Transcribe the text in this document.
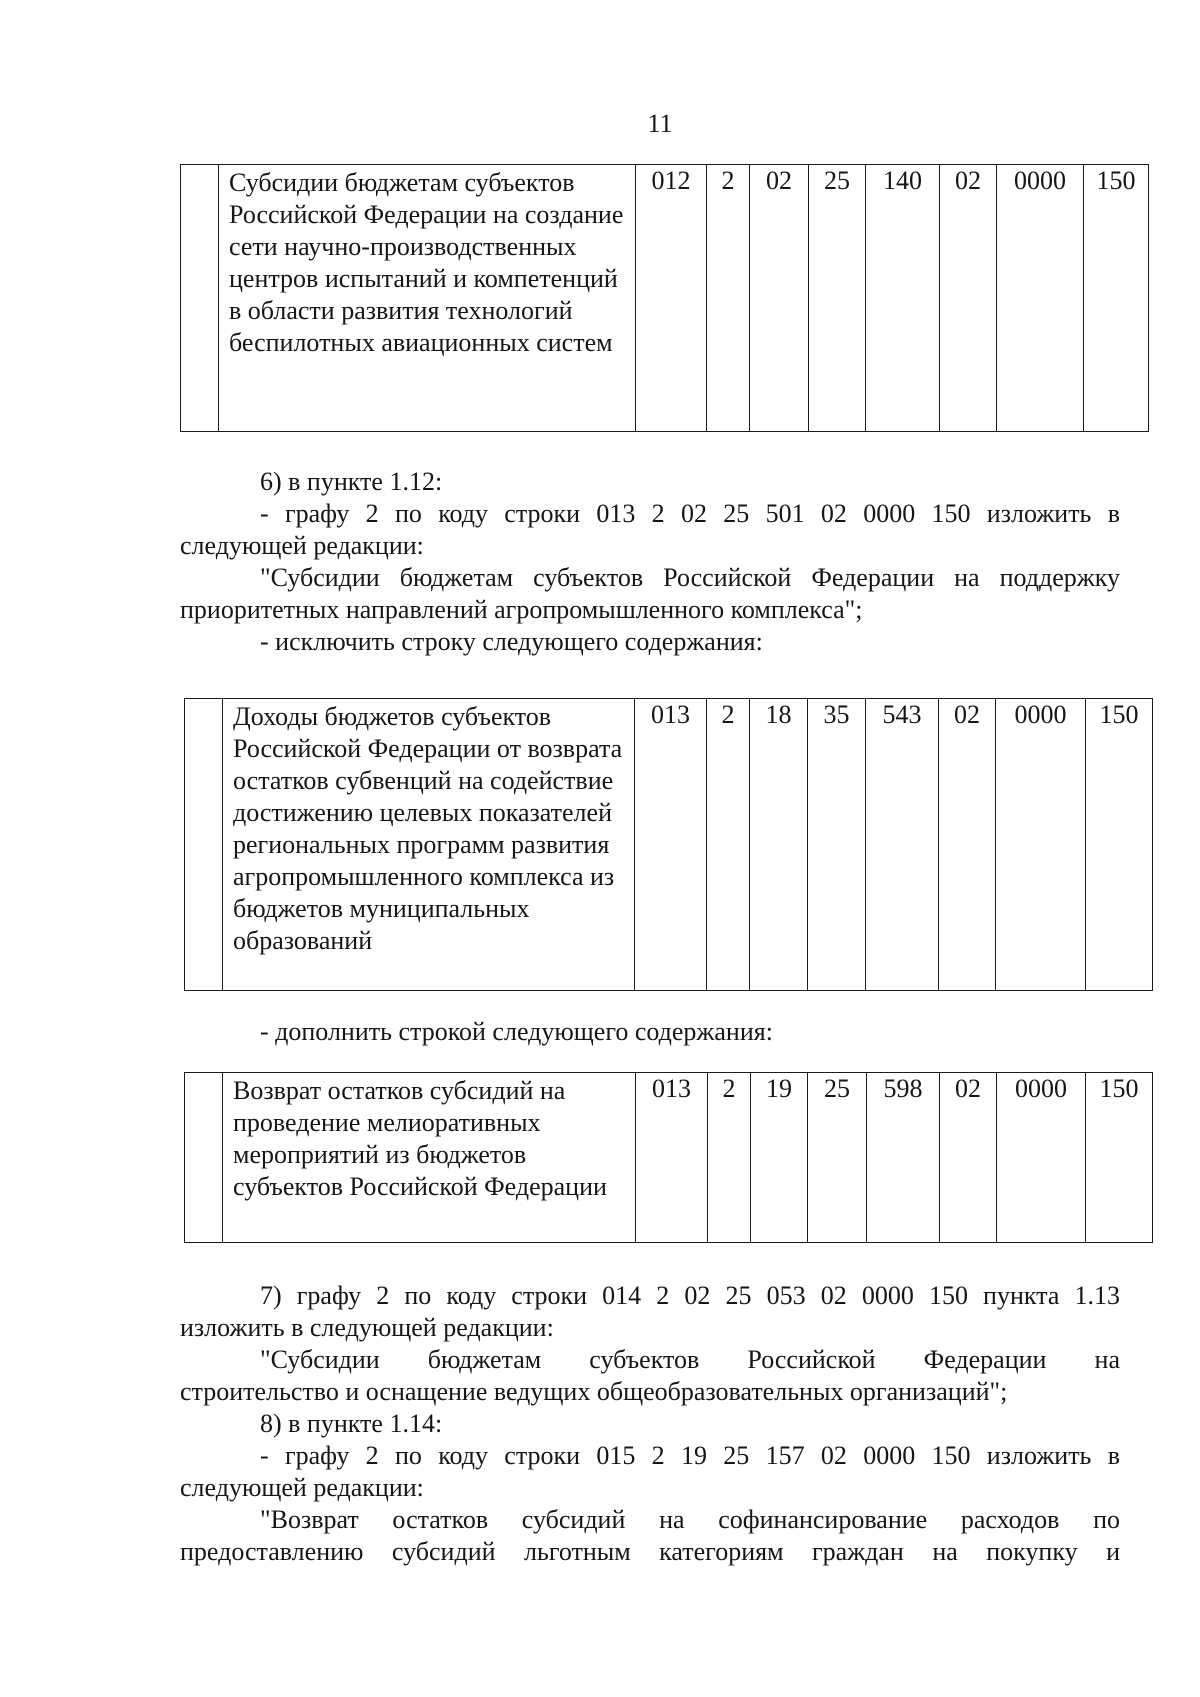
11
	Субсидии бюджетам субъектов Российской Федерации на создание сети научно-производственных центров испытаний и компетенций в области развития технологий беспилотных авиационных систем	012	2	02	25	140	02	0000	150
6) в пункте 1.12:
- графу 2 по коду строки 013 2 02 25 501 02 0000 150 изложить в
следующей редакции:
"Субсидии бюджетам субъектов Российской Федерации на поддержку
приоритетных направлений агропромышленного комплекса";
- исключить строку следующего содержания:
	Доходы бюджетов субъектов Российской Федерации от возврата остатков субвенций на содействие достижению целевых показателей региональных программ развития агропромышленного комплекса из бюджетов муниципальных образований	013	2	18	35	543	02	0000	150
- дополнить строкой следующего содержания:
	Возврат остатков субсидий на проведение мелиоративных мероприятий из бюджетов субъектов Российской Федерации	013	2	19	25	598	02	0000	150
7) графу 2 по коду строки 014 2 02 25 053 02 0000 150 пункта 1.13
изложить в следующей редакции:
"Субсидии бюджетам субъектов Российской Федерации на
строительство и оснащение ведущих общеобразовательных организаций";
8) в пункте 1.14:
- графу 2 по коду строки 015 2 19 25 157 02 0000 150 изложить в
следующей редакции:
"Возврат остатков субсидий на софинансирование расходов по
предоставлению субсидий льготным категориям граждан на покупку и
